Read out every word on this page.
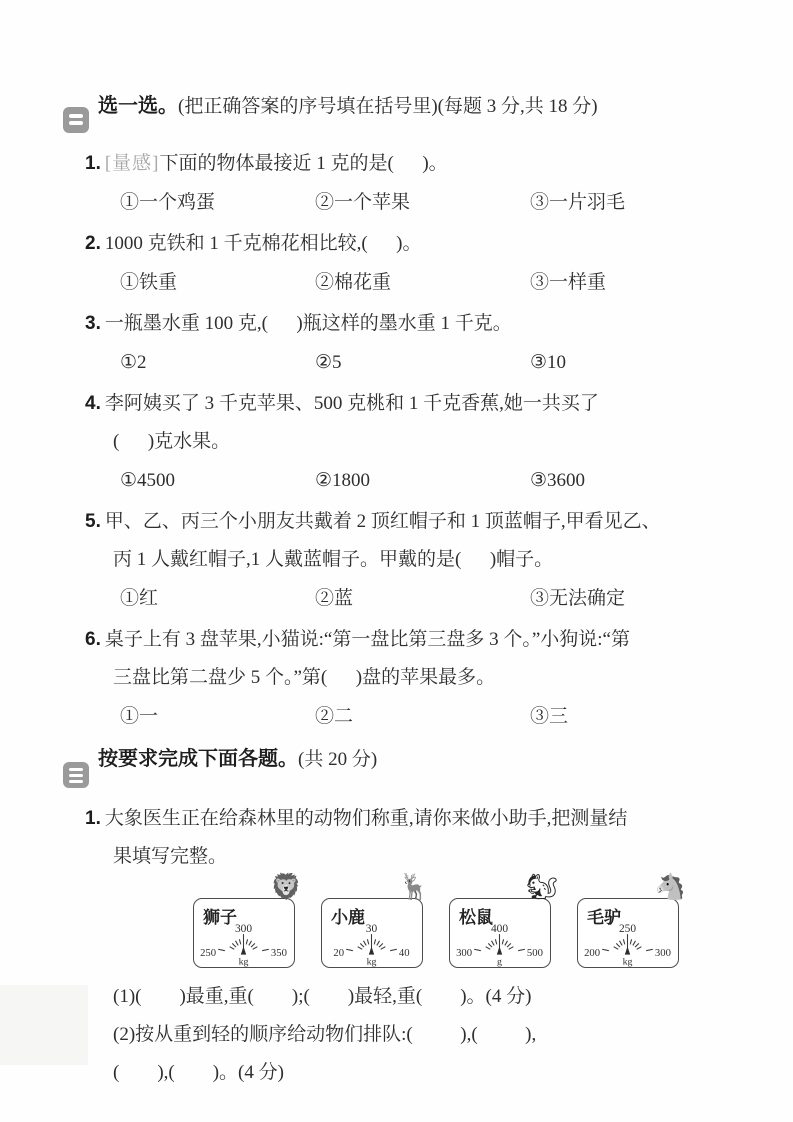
选一选。(把正确答案的序号填在括号里)(每题 3 分,共 18 分)
1. [量感]下面的物体最接近 1 克的是(      )。
①一个鸡蛋	②一个苹果	③一片羽毛
2. 1000 克铁和 1 千克棉花相比较,(      )。
①铁重	②棉花重	③一样重
3. 一瓶墨水重 100 克,(      )瓶这样的墨水重 1 千克。
①2	②5	③10
4. 李阿姨买了 3 千克苹果、500 克桃和 1 千克香蕉,她一共买了
(      )克水果。
①4500	②1800	③3600
5. 甲、乙、丙三个小朋友共戴着 2 顶红帽子和 1 顶蓝帽子,甲看见乙、
丙 1 人戴红帽子,1 人戴蓝帽子。甲戴的是(      )帽子。
①红	②蓝	③无法确定
6. 桌子上有 3 盘苹果,小猫说:“第一盘比第三盘多 3 个。”小狗说:“第
三盘比第二盘少 5 个。”第(      )盘的苹果最多。
①一	②二	③三
按要求完成下面各题。(共 20 分)
1. 大象医生正在给森林里的动物们称重,请你来做小助手,把测量结
果填写完整。
🦁
狮子
300
250	350
kg
🦌
小鹿
30
20	40
kg
🐿
松鼠
400
300	500
g
🐴
毛驴
250
200	300
kg
(1)(        )最重,重(        );(        )最轻,重(        )。(4 分)
(2)按从重到轻的顺序给动物们排队:(          ),(          ),
(        ),(        )。(4 分)
